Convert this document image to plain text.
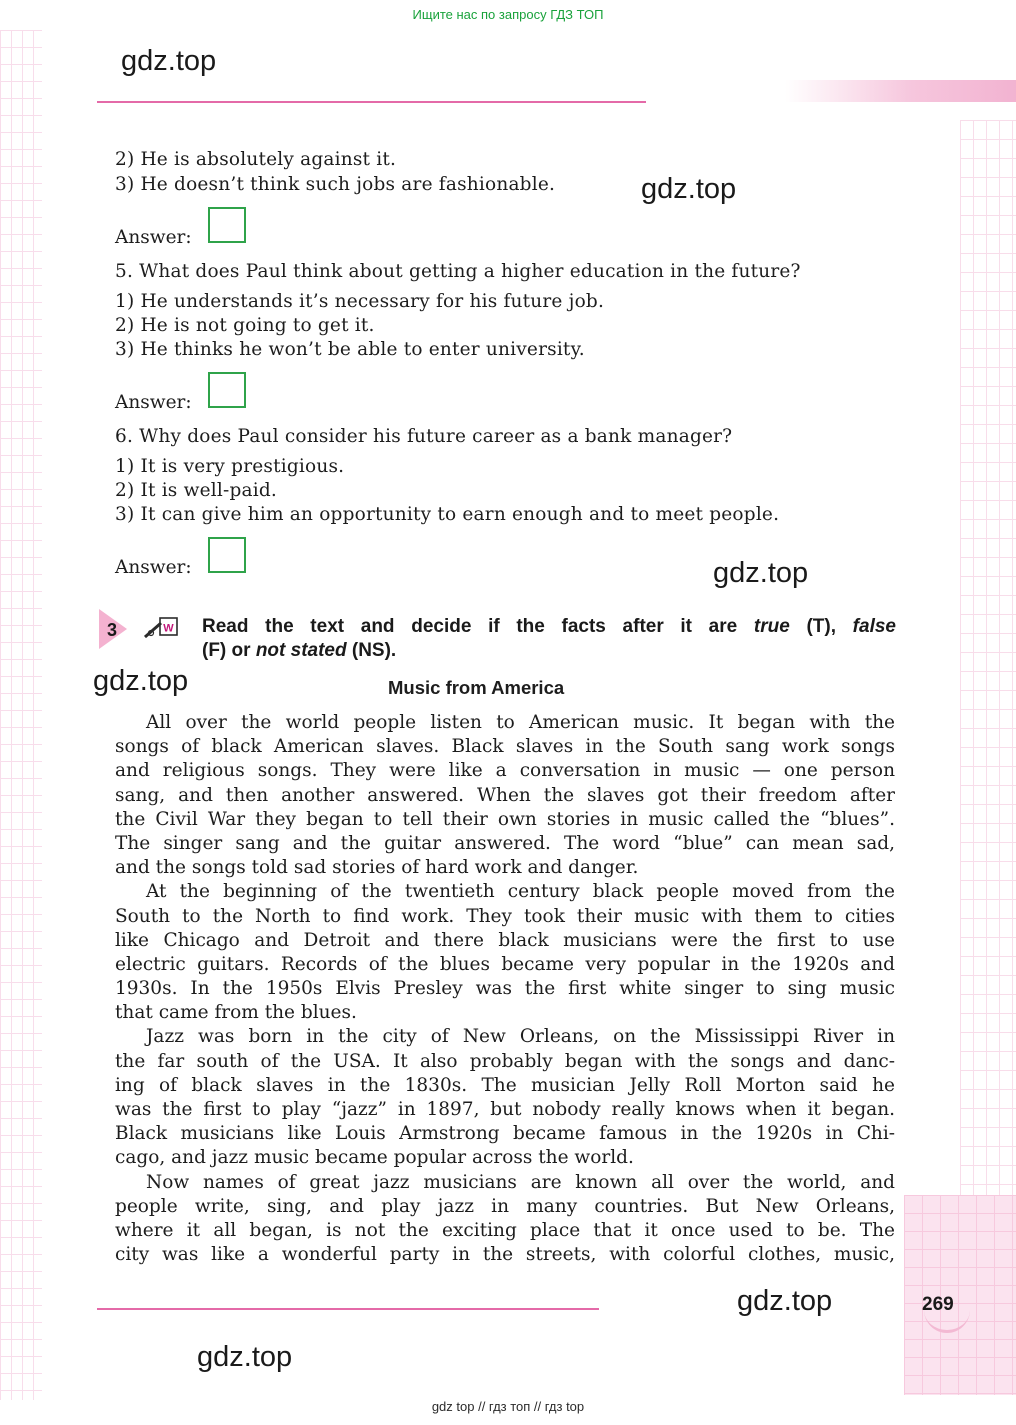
Ищите нас по запросу ГДЗ ТОП
gdz.top
2) He is absolutely against it.
3) He doesn’t think such jobs are fashionable.	gdz.top
Answer:
5. What does Paul think about getting a higher education in the future?
1) He understands it’s necessary for his future job.
2) He is not going to get it.
3) He thinks he won’t be able to enter university.
Answer:
6. Why does Paul consider his future career as a bank manager?
1) It is very prestigious.
2) It is well-paid.
3) It can give him an opportunity to earn enough and to meet people.
Answer:	gdz.top
3	W Read the text and decide if the facts after it are true (T), false
(F) or not stated (NS).
gdz.top	Music from America
All over the world people listen to American music. It began with the
songs of black American slaves. Black slaves in the South sang work songs
and religious songs. They were like a conversation in music — one person
sang, and then another answered. When the slaves got their freedom after
the Civil War they began to tell their own stories in music called the “blues”.
The singer sang and the guitar answered. The word “blue” can mean sad,
and the songs told sad stories of hard work and danger.
At the beginning of the twentieth century black people moved from the
South to the North to find work. They took their music with them to cities
like Chicago and Detroit and there black musicians were the first to use
electric guitars. Records of the blues became very popular in the 1920s and
1930s. In the 1950s Elvis Presley was the first white singer to sing music
that came from the blues.
Jazz was born in the city of New Orleans, on the Mississippi River in
the far south of the USA. It also probably began with the songs and danc-
ing of black slaves in the 1830s. The musician Jelly Roll Morton said he
was the first to play “jazz” in 1897, but nobody really knows when it began.
Black musicians like Louis Armstrong became famous in the 1920s in Chi-
cago, and jazz music became popular across the world.
Now names of great jazz musicians are known all over the world, and
people write, sing, and play jazz in many countries. But New Orleans,
where it all began, is not the exciting place that it once used to be. The
city was like a wonderful party in the streets, with colorful clothes, music,
gdz.top	269
gdz.top
gdz top // гдз топ // гдз top
